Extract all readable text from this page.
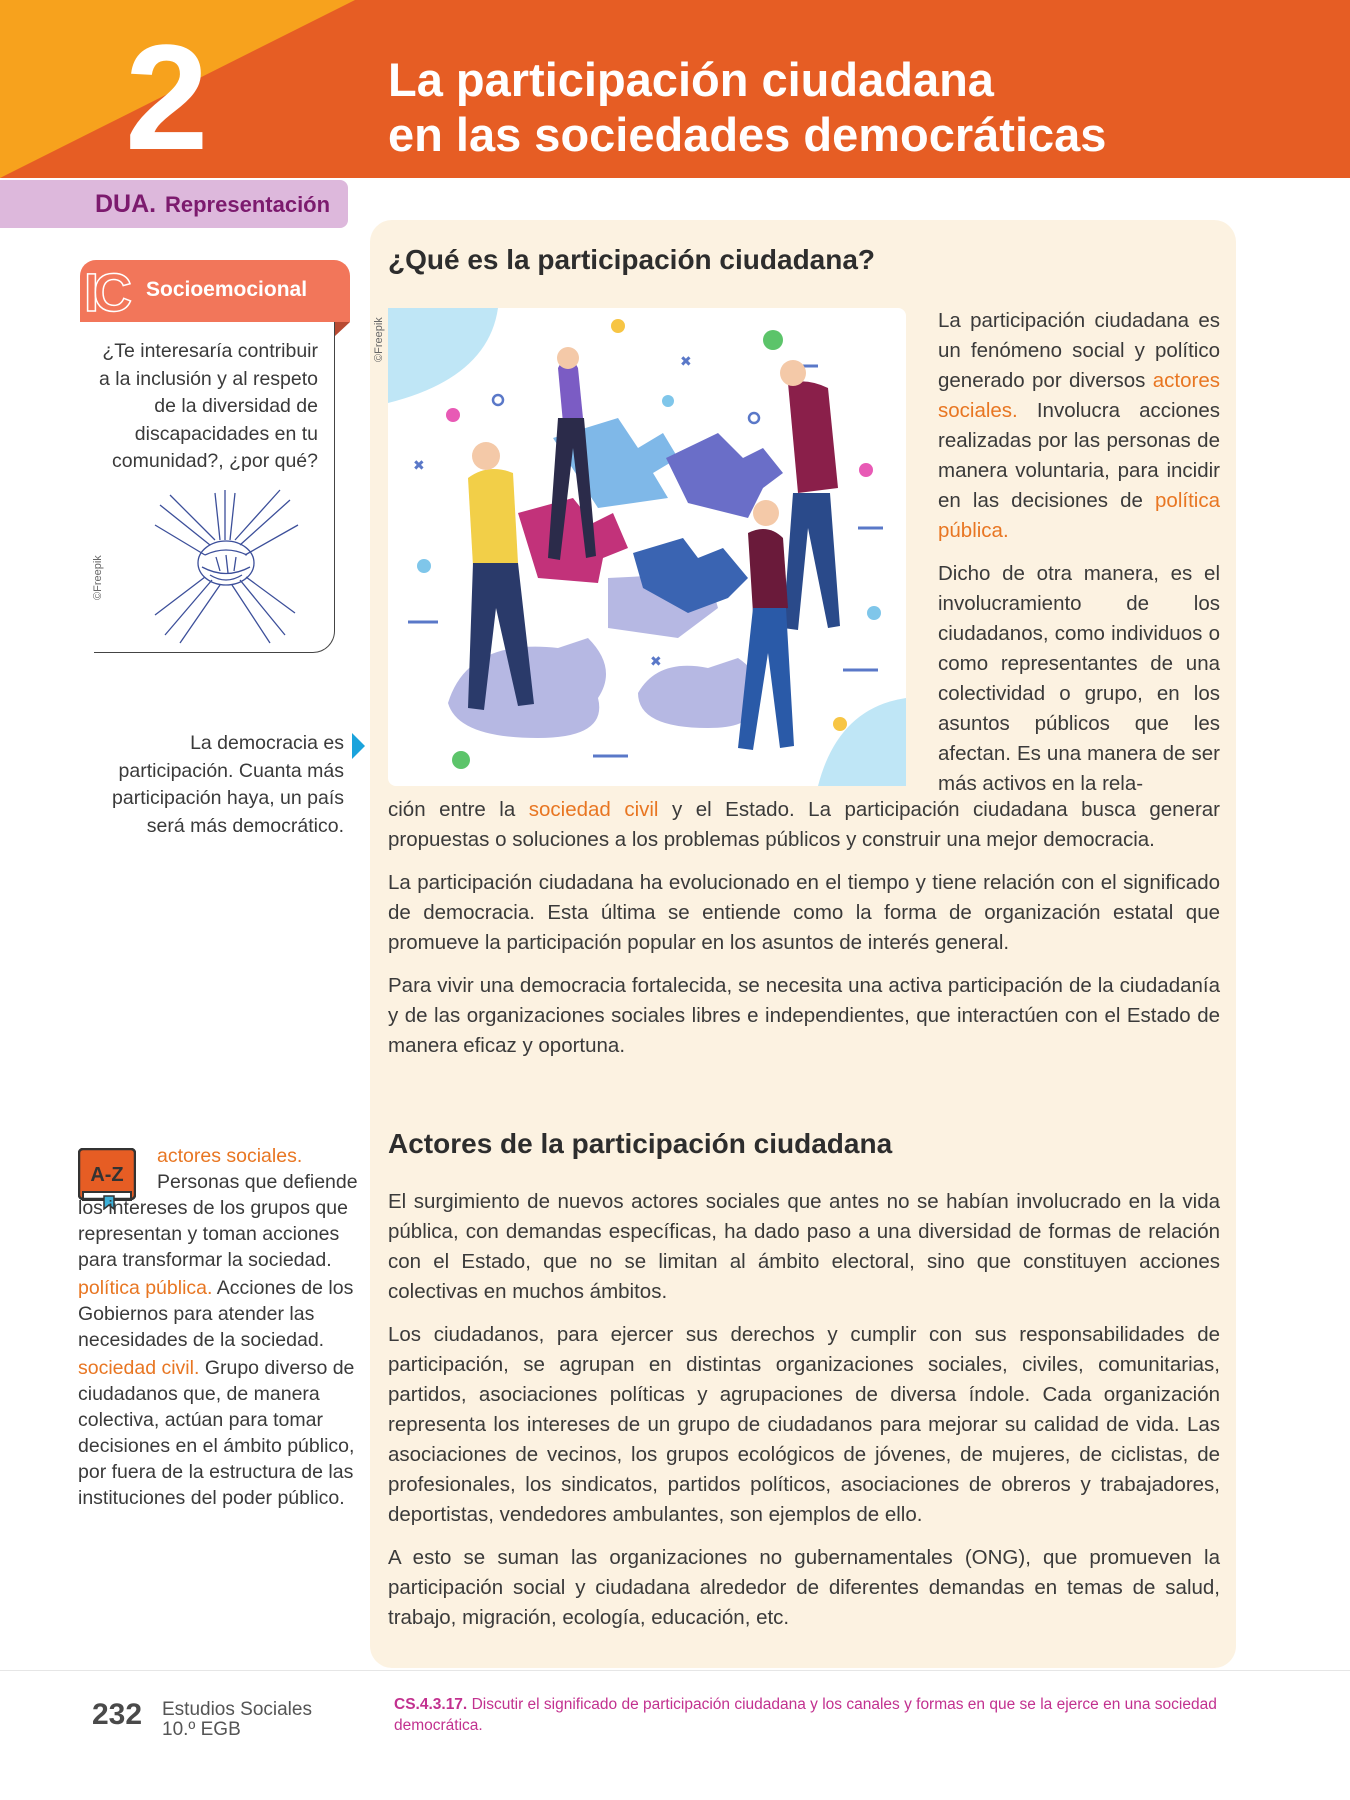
2	La participación ciudadana
en las sociedades democráticas
DUA. Representación
IC Socioemocional
¿Te interesaría contribuir a la inclusión y al respeto de la diversidad de discapacidades en tu comunidad?, ¿por qué?
©Freepik
La democracia es participación. Cuanta más participación haya, un país será más democrático.
A-Z

actores sociales.
Personas que defiende los intereses de los grupos que representan y toman acciones para transformar la sociedad.

política pública. Acciones de los Gobiernos para atender las necesidades de la sociedad.

sociedad civil. Grupo diverso de ciudadanos que, de manera colectiva, actúan para tomar decisiones en el ámbito público, por fuera de la estructura de las instituciones del poder público.

¿Qué es la participación ciudadana?
✖
✖
✖
©Freepik	La participación ciudadana es un fenómeno social y político generado por diversos actores sociales. Involucra acciones realizadas por las personas de manera voluntaria, para incidir en las decisiones de política pública.

Dicho de otra manera, es el involucramiento de los ciudadanos, como individuos o como representantes de una colectividad o grupo, en los asuntos públicos que les afectan. Es una manera de ser más activos en la rela-

ción entre la sociedad civil y el Estado. La participación ciudadana busca generar propuestas o soluciones a los problemas públicos y construir una mejor democracia.

La participación ciudadana ha evolucionado en el tiempo y tiene relación con el significado de democracia. Esta última se entiende como la forma de organización estatal que promueve la participación popular en los asuntos de interés general.

Para vivir una democracia fortalecida, se necesita una activa participación de la ciudadanía y de las organizaciones sociales libres e independientes, que interactúen con el Estado de manera eficaz y oportuna.

Actores de la participación ciudadana

El surgimiento de nuevos actores sociales que antes no se habían involucrado en la vida pública, con demandas específicas, ha dado paso a una diversidad de formas de relación con el Estado, que no se limitan al ámbito electoral, sino que constituyen acciones colectivas en muchos ámbitos.

Los ciudadanos, para ejercer sus derechos y cumplir con sus responsabilidades de participación, se agrupan en distintas organizaciones sociales, civiles, comunitarias, partidos, asociaciones políticas y agrupaciones de diversa índole. Cada organización representa los intereses de un grupo de ciudadanos para mejorar su calidad de vida. Las asociaciones de vecinos, los grupos ecológicos de jóvenes, de mujeres, de ciclistas, de profesionales, los sindicatos, partidos políticos, asociaciones de obreros y trabajadores, deportistas, vendedores ambulantes, son ejemplos de ello.

A esto se suman las organizaciones no gubernamentales (ONG), que promueven la participación social y ciudadana alrededor de diferentes demandas en temas de salud, trabajo, migración, ecología, educación, etc.

232 Estudios Sociales
10.º EGB
CS.4.3.17. Discutir el significado de participación ciudadana y los canales y formas en que se la ejerce en una sociedad democrática.
